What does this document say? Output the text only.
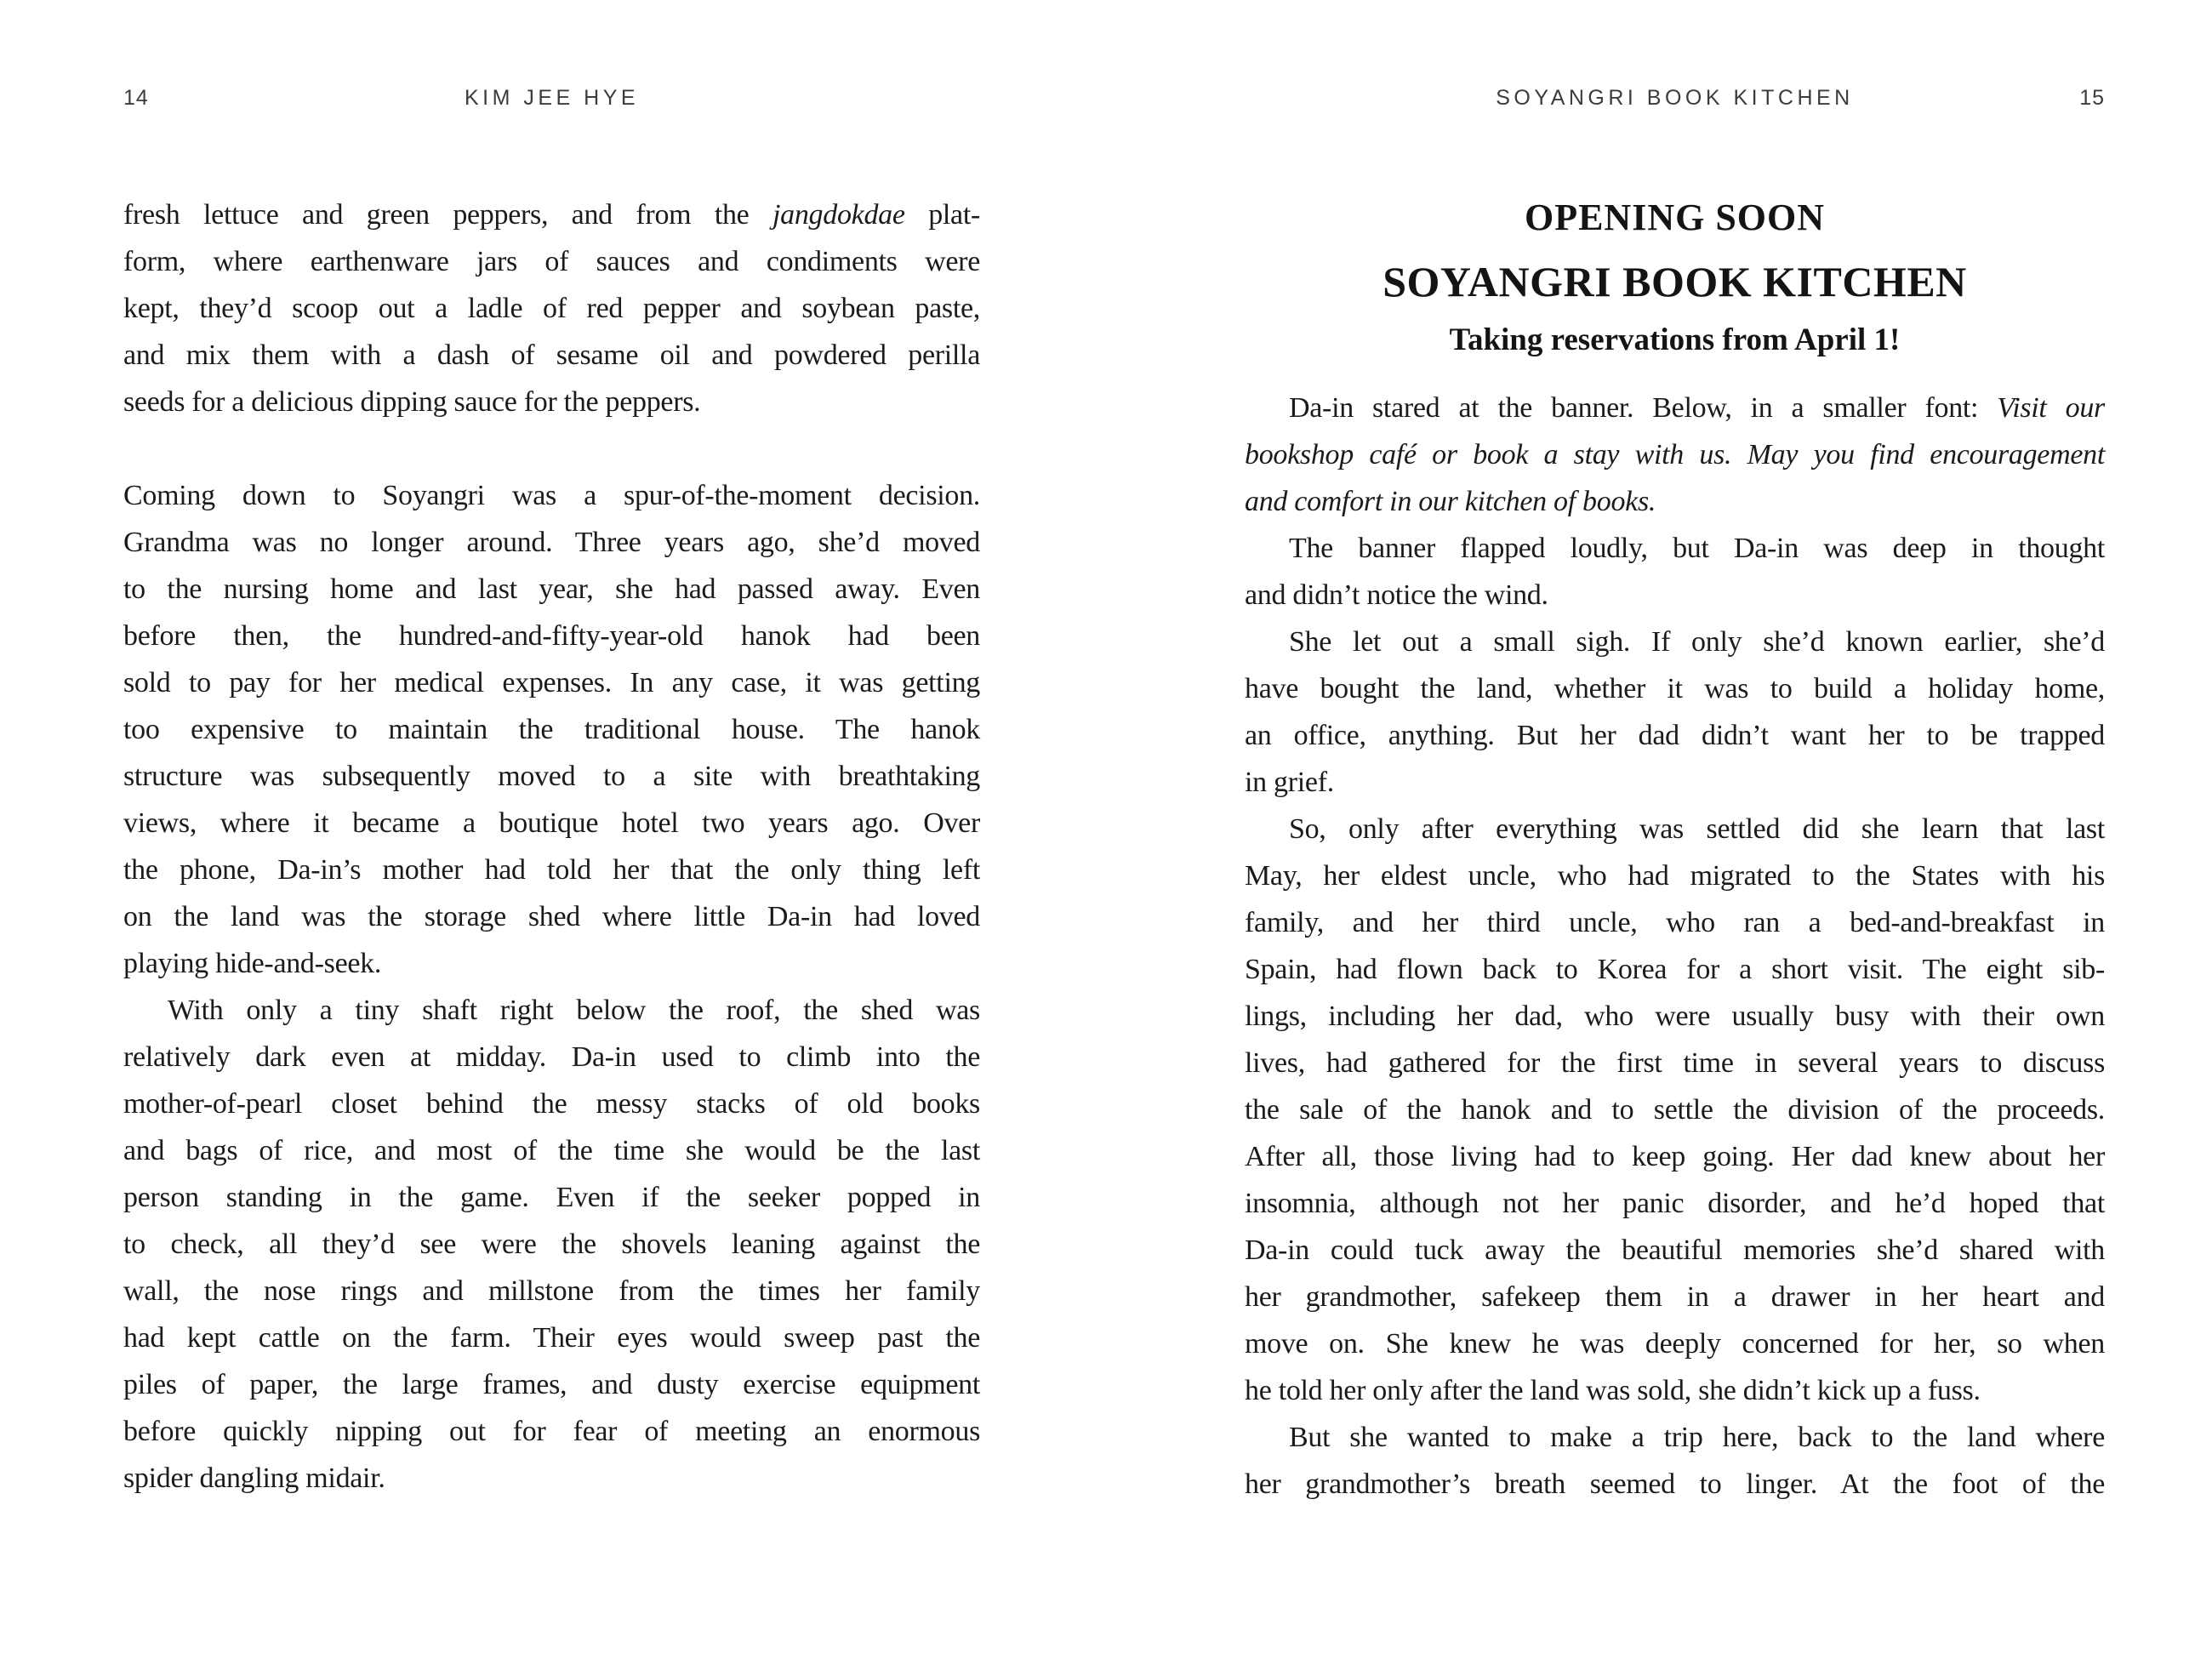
14	KIM JEE HYE

fresh lettuce and green peppers, and from the jangdokdae plat-
form, where earthenware jars of sauces and condiments were
kept, they’d scoop out a ladle of red pepper and soybean paste,
and mix them with a dash of sesame oil and powdered perilla
seeds for a delicious dipping sauce for the peppers.

Coming down to Soyangri was a spur-of-the-moment decision.
Grandma was no longer around. Three years ago, she’d moved
to the nursing home and last year, she had passed away. Even
before then, the hundred-and-fifty-year-old hanok had been
sold to pay for her medical expenses. In any case, it was getting
too expensive to maintain the traditional house. The hanok
structure was subsequently moved to a site with breathtaking
views, where it became a boutique hotel two years ago. Over
the phone, Da-in’s mother had told her that the only thing left
on the land was the storage shed where little Da-in had loved
playing hide-and-seek.

With only a tiny shaft right below the roof, the shed was
relatively dark even at midday. Da-in used to climb into the
mother-of-pearl closet behind the messy stacks of old books
and bags of rice, and most of the time she would be the last
person standing in the game. Even if the seeker popped in
to check, all they’d see were the shovels leaning against the
wall, the nose rings and millstone from the times her family
had kept cattle on the farm. Their eyes would sweep past the
piles of paper, the large frames, and dusty exercise equipment
before quickly nipping out for fear of meeting an enormous
spider dangling midair.

SOYANGRI BOOK KITCHEN	15
OPENING SOON
SOYANGRI BOOK KITCHEN
Taking reservations from April 1!

Da-in stared at the banner. Below, in a smaller font: Visit our
bookshop café or book a stay with us. May you find encouragement
and comfort in our kitchen of books.

The banner flapped loudly, but Da-in was deep in thought
and didn’t notice the wind.

She let out a small sigh. If only she’d known earlier, she’d
have bought the land, whether it was to build a holiday home,
an office, anything. But her dad didn’t want her to be trapped
in grief.

So, only after everything was settled did she learn that last
May, her eldest uncle, who had migrated to the States with his
family, and her third uncle, who ran a bed-and-breakfast in
Spain, had flown back to Korea for a short visit. The eight sib-
lings, including her dad, who were usually busy with their own
lives, had gathered for the first time in several years to discuss
the sale of the hanok and to settle the division of the proceeds.
After all, those living had to keep going. Her dad knew about her
insomnia, although not her panic disorder, and he’d hoped that
Da-in could tuck away the beautiful memories she’d shared with
her grandmother, safekeep them in a drawer in her heart and
move on. She knew he was deeply concerned for her, so when
he told her only after the land was sold, she didn’t kick up a fuss.

But she wanted to make a trip here, back to the land where
her grandmother’s breath seemed to linger. At the foot of the
